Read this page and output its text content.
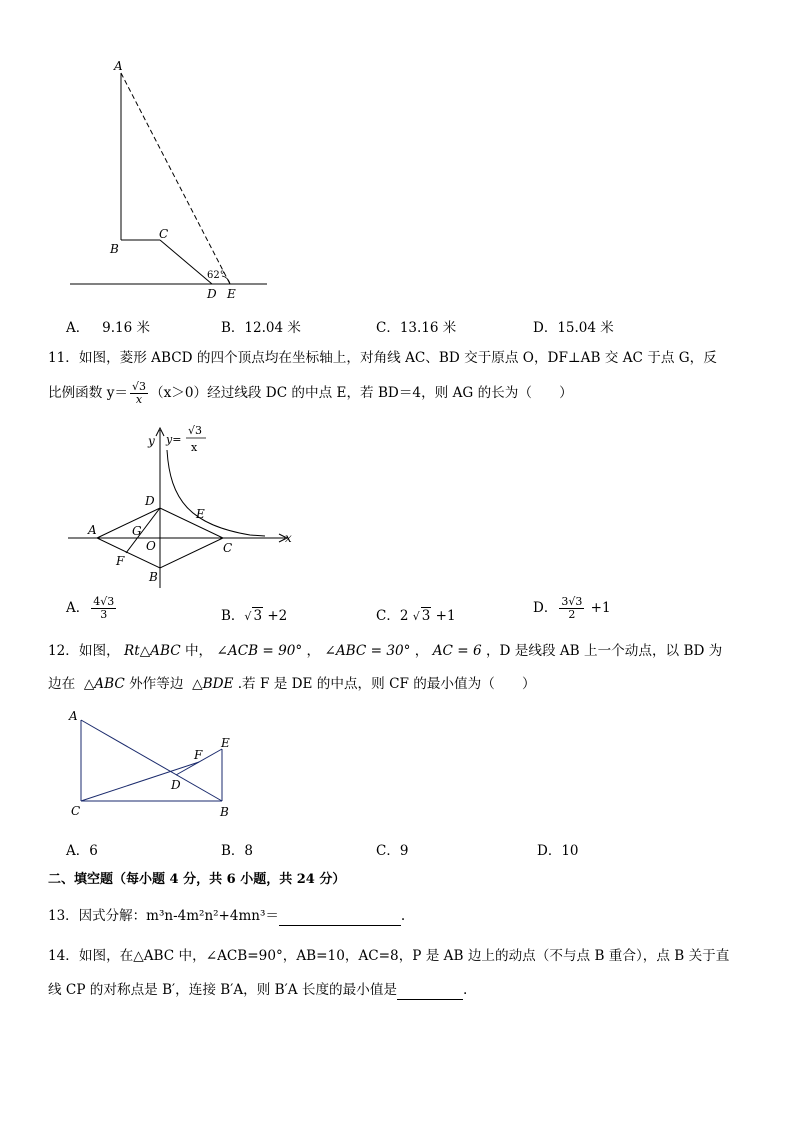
A
B
C
62°
D E
A． 9.16 米	B．12.04 米	C．13.16 米	D．15.04 米
11．如图，菱形 ABCD 的四个顶点均在坐标轴上，对角线 AC、BD 交于原点 O，DF⊥AB 交 AC 于点 G，反
比例函数 $y= \frac{√3}{x} (x>0)$经过线段 DC 的中点 E，若 BD＝4，则 AG 的长为（　　）
y y=
√3
x
x
A
D
E
G
O	C
F
B
A． $\frac{4√3}{3}$	B．√ 3 +2	C．2 √ 3 +1	D． $\frac{3√3}{2} +1$
12．如图， Rt△ABC 中， ∠ACB = 90° ， ∠ABC = 30° ， AC = 6 ，D 是线段 AB 上一个动点，以 BD 为
边在 △ABC 外作等边 △BDE .若 F 是 DE 的中点，则 CF 的最小值为（　　）
A
E
F
D
C	B
A．6	B．8	C．9	D．10
二、填空题（每小题 4 分，共 6 小题，共 24 分）
13．因式分解：m³n-4m²n²+4mn³＝	.
14．如图，在△ABC 中，∠ACB=90°，AB=10，AC=8，P 是 AB 边上的动点（不与点 B 重合），点 B 关于直
线 CP 的对称点是 B′，连接 B′A，则 B′A 长度的最小值是	.
